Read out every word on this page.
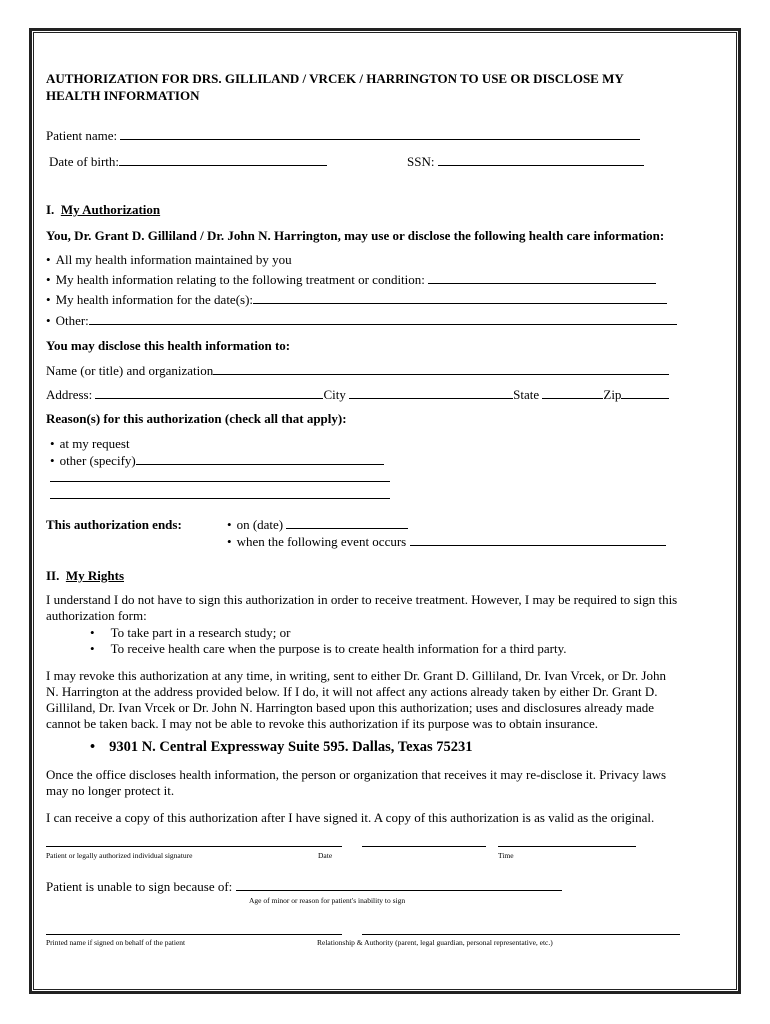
AUTHORIZATION FOR DRS. GILLILAND / VRCEK / HARRINGTON TO USE OR DISCLOSE MY
HEALTH INFORMATION
Patient name:
Date of birth:	SSN:
I. My Authorization
You, Dr. Grant D. Gilliland / Dr. John N. Harrington, may use or disclose the following health care information:
• All my health information maintained by you
• My health information relating to the following treatment or condition:
• My health information for the date(s):
• Other:
You may disclose this health information to:
Name (or title) and organization
Address:	City	State	Zip
Reason(s) for this authorization (check all that apply):
• at my request
• other (specify)
This authorization ends:	• on (date)
• when the following event occurs
II. My Rights
I understand I do not have to sign this authorization in order to receive treatment. However, I may be required to sign this
authorization form:
• To take part in a research study; or
• To receive health care when the purpose is to create health information for a third party.
I may revoke this authorization at any time, in writing, sent to either Dr. Grant D. Gilliland, Dr. Ivan Vrcek, or Dr. John
N. Harrington at the address provided below. If I do, it will not affect any actions already taken by either Dr. Grant D.
Gilliland, Dr. Ivan Vrcek or Dr. John N. Harrington based upon this authorization; uses and disclosures already made
cannot be taken back. I may not be able to revoke this authorization if its purpose was to obtain insurance.
• 9301 N. Central Expressway Suite 595. Dallas, Texas 75231
Once the office discloses health information, the person or organization that receives it may re-disclose it. Privacy laws
may no longer protect it.
I can receive a copy of this authorization after I have signed it. A copy of this authorization is as valid as the original.
Patient or legally authorized individual signature	Date	Time
Patient is unable to sign because of:
Age of minor or reason for patient's inability to sign
Printed name if signed on behalf of the patient	Relationship & Authority (parent, legal guardian, personal representative, etc.)
